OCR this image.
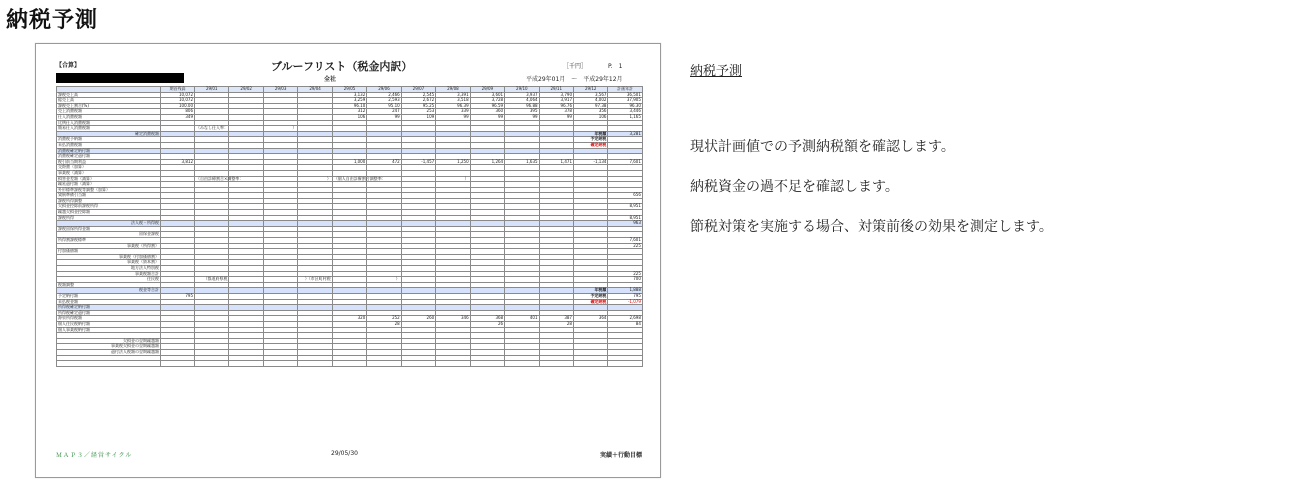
納税予測
【合算】	ブルーフリスト（税金内訳）
全社
［千円］	P.　1
平成29年01月　～　平成29年12月
	期首残高	29/01	29/02	29/03	29/04	29/05	29/06	29/07	29/08	29/09	29/10	29/11	29/12	計画年計
課税売上高	10,072					3,132	2,466	2,545	3,391	3,601	3,937	3,790	3,567	36,501
総売上高	10,072					3,259	2,593	2,672	3,518	3,728	4,064	3,917	4,002	37,905
課税売上割合(%)	100.00					96.10	95.10	95.25	96.39	96.59	96.88	96.76	97.38	96.30
売上消費税額	806					312	247	253	339	360	395	378	356	3,446
仕入消費税額	349					106	99	109	99	99	99	99	106	1,165
比例仕入消費税額														
簡易仕入消費税額		（みなし仕入率：		）										
確定消費税額													年税額	3,281
消費税予納額													予定納税	
未払消費税額													確定納税	
消費税確定納付額														
消費税確定還付額														
税引前当期利益	3,812					1,000	472	-1,457	1,250	1,264	1,635	1,471	-1,134	7,601
交際費（加算）														
事業税（減算）														
損害金差額（減算）		（自由診療割合×調整率：			）	（個人自由診療割合調整率：			）					
繰延還付額（減算）														
外形標準課税等調整（加算）														
貸倒準備引当額														656
課税所得調整														
欠損金控除前課税所得														8,951
繰越欠損金控除額														
課税所得														8,951
法人税・所得税														963
課税留保所得金額														
留保金課税														
所得割課税標準														7,601
事業税（所得割）														225
付加価値額														
事業税（付加価値割）														
事業税（資本割）														
地方法人特別税														
事業税額合計														225
住民税		（都道府県税			）（市区町村税		）							700
税額調整														
税金等合計													年税額	1,888
予定納付額	795												予定納税	795
未払税金額													確定納税	-1,079
所得税確定納付額														
所得税確定還付額														
源泉所得税額						320	252	260	346	368	401	387	364	2,698
個人住民税納付額							28			26		28		84
個人事業税納付額														

欠損金の翌期繰越額														
事業税欠損金の翌期繰越額														
還付法人税額の翌期繰越額														

ＭＡＰ３／経営サイクル	29/05/30	実績＋行動目標
納税予測
現状計画値での予測納税額を確認します。
納税資金の過不足を確認します。
節税対策を実施する場合、対策前後の効果を測定します。
